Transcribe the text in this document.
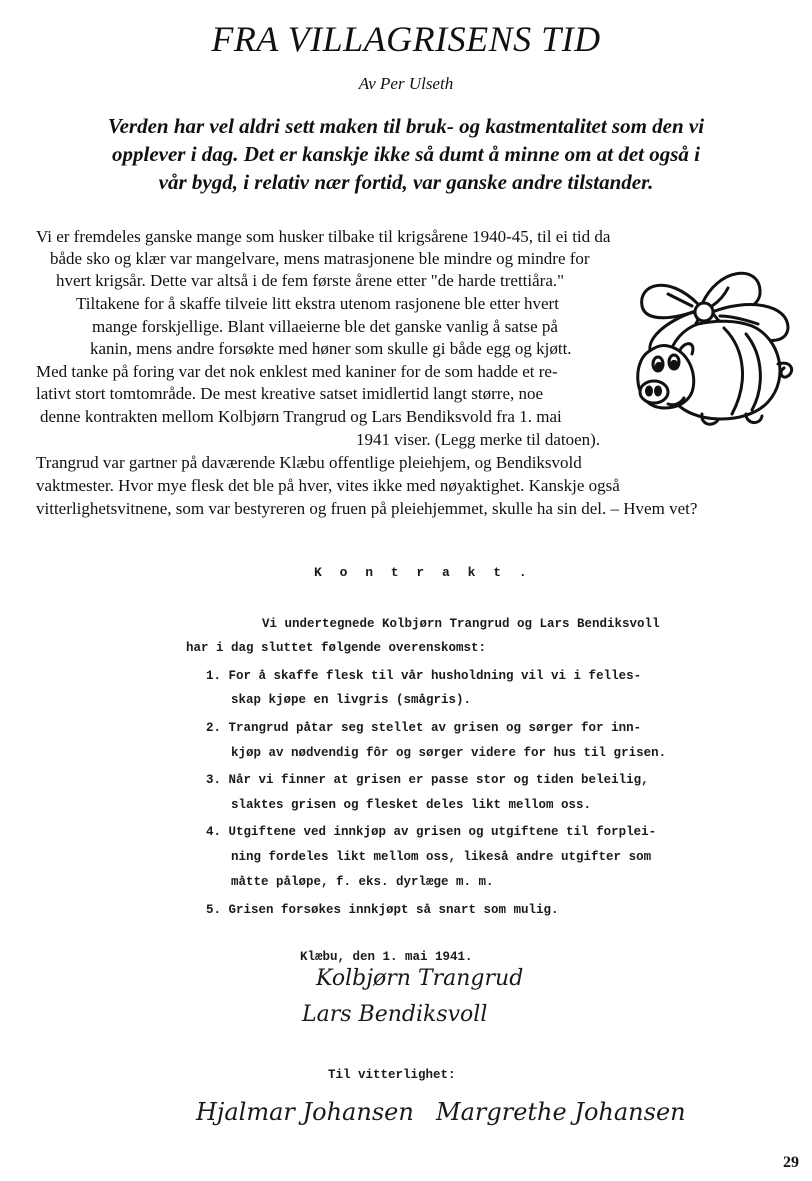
FRA VILLAGRISENS TID
Av Per Ulseth
Verden har vel aldri sett maken til bruk- og kastmentalitet som den vi
opplever i dag. Det er kanskje ikke så dumt å minne om at det også i
vår bygd, i relativ nær fortid, var ganske andre tilstander.
Vi er fremdeles ganske mange som husker tilbake til krigsårene 1940-45, til ei tid da
både sko og klær var mangelvare, mens matrasjonene ble mindre og mindre for
hvert krigsår. Dette var altså i de fem første årene etter "de harde trettiåra."
Tiltakene for å skaffe tilveie litt ekstra utenom rasjonene ble etter hvert
mange forskjellige. Blant villaeierne ble det ganske vanlig å satse på
kanin, mens andre forsøkte med høner som skulle gi både egg og kjøtt.
Med tanke på foring var det nok enklest med kaniner for de som hadde et re-
lativt stort tomtområde. De mest kreative satset imidlertid langt større, noe
denne kontrakten mellom Kolbjørn Trangrud og Lars Bendiksvold fra 1. mai
1941 viser. (Legg merke til datoen).
Trangrud var gartner på daværende Klæbu offentlige pleiehjem, og Bendiksvold
vaktmester. Hvor mye flesk det ble på hver, vites ikke med nøyaktighet. Kanskje også
vitterlighetsvitnene, som var bestyreren og fruen på pleiehjemmet, skulle ha sin del. – Hvem vet?
K o n t r a k t .
Vi undertegnede Kolbjørn Trangrud og Lars Bendiksvoll
har i dag sluttet følgende overenskomst:
1. For å skaffe flesk til vår husholdning vil vi i felles-
skap kjøpe en livgris (smågris).
2. Trangrud påtar seg stellet av grisen og sørger for inn-
kjøp av nødvendig fôr og sørger videre for hus til grisen.
3. Når vi finner at grisen er passe stor og tiden beleilig,
slaktes grisen og flesket deles likt mellom oss.
4. Utgiftene ved innkjøp av grisen og utgiftene til forplei-
ning fordeles likt mellom oss, likeså andre utgifter som
måtte påløpe, f. eks. dyrlæge m. m.
5. Grisen forsøkes innkjøpt så snart som mulig.
Klæbu, den 1. mai 1941.
Kolbjørn Trangrud
Lars Bendiksvoll
Til vitterlighet:
Hjalmar Johansen Margrethe Johansen
29
